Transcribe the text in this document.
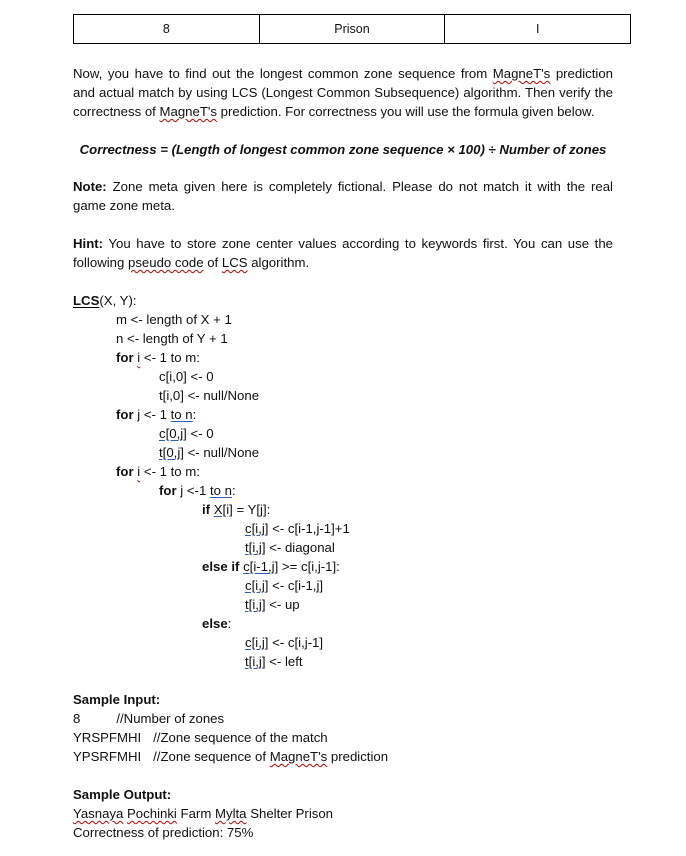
8	Prison	I

Now, you have to find out the longest common zone sequence from MagneT's prediction and actual match by using LCS (Longest Common Subsequence) algorithm. Then verify the correctness of MagneT's prediction. For correctness you will use the formula given below.

Correctness = (Length of longest common zone sequence × 100) ÷ Number of zones

Note: Zone meta given here is completely fictional. Please do not match it with the real game zone meta.

Hint: You have to store zone center values according to keywords first. You can use the following pseudo code of LCS algorithm.

LCS(X, Y):
m <- length of X + 1
n <- length of Y + 1
for i <- 1 to m:
c[i,0] <- 0
t[i,0] <- null/None
for j <- 1 to n:
c[0,j] <- 0
t[0,j] <- null/None
for i <- 1 to m:
for j <-1 to n:
if X[i] = Y[j]:
c[i,j] <- c[i-1,j-1]+1
t[i,j] <- diagonal
else if c[i-1,j] >= c[i,j-1]:
c[i,j] <- c[i-1,j]
t[i,j] <- up
else:
c[i,j] <- c[i,j-1]
t[i,j] <- left
Sample Input:
8	//Number of zones
YRSPFMHI //Zone sequence of the match
YPSRFMHI //Zone sequence of MagneT's prediction
Sample Output:
Yasnaya Pochinki Farm Mylta Shelter Prison
Correctness of prediction: 75%
